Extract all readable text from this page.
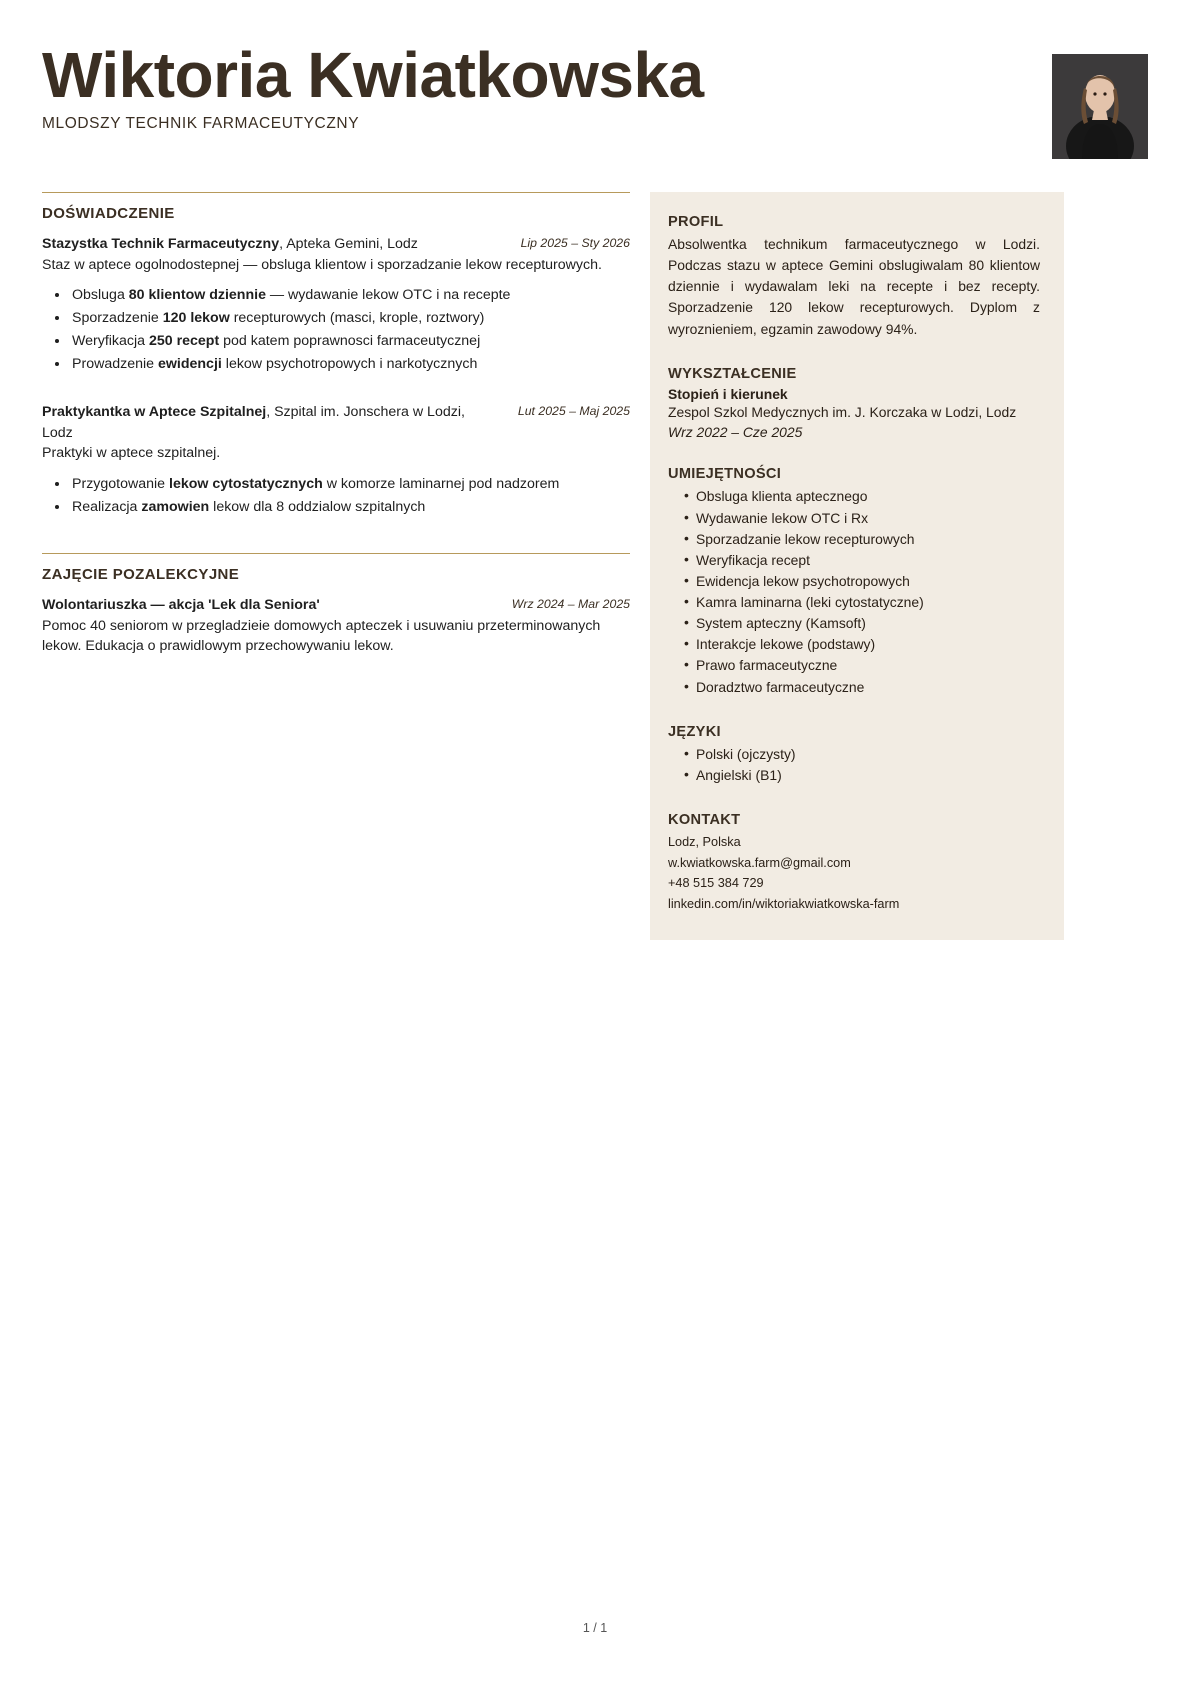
Wiktoria Kwiatkowska
MLODSZY TECHNIK FARMACEUTYCZNY
DOŚWIADCZENIE
Stazystka Technik Farmaceutyczny, Apteka Gemini, Lodz	Lip 2025 – Sty 2026
Staz w aptece ogolnodostepnej — obsluga klientow i sporzadzanie lekow recepturowych.
• Obsluga 80 klientow dziennie — wydawanie lekow OTC i na recepte
• Sporzadzenie 120 lekow recepturowych (masci, krople, roztwory)
• Weryfikacja 250 recept pod katem poprawnosci farmaceutycznej
• Prowadzenie ewidencji lekow psychotropowych i narkotycznych
Praktykantka w Aptece Szpitalnej, Szpital im. Jonschera w Lodzi, Lodz
Lut 2025 – Maj 2025
Praktyki w aptece szpitalnej.
• Przygotowanie lekow cytostatycznych w komorze laminarnej pod nadzorem
• Realizacja zamowien lekow dla 8 oddzialow szpitalnych
ZAJĘCIE POZALEKCYJNE
Wolontariuszka — akcja 'Lek dla Seniora'	Wrz 2024 – Mar 2025
Pomoc 40 seniorom w przegladzieie domowych apteczek i usuwaniu przeterminowanych lekow. Edukacja o prawidlowym przechowywaniu lekow.
PROFIL

Absolwentka technikum farmaceutycznego w Lodzi. Podczas stazu w aptece Gemini obslugiwalam 80 klientow dziennie i wydawalam leki na recepte i bez recepty. Sporzadzenie 120 lekow recepturowych. Dyplom z wyroznieniem, egzamin zawodowy 94%.

WYKSZTAŁCENIE
Stopień i kierunek
Zespol Szkol Medycznych im. J. Korczaka w Lodzi, Lodz
Wrz 2022 – Cze 2025
UMIEJĘTNOŚCI
• Obsluga klienta aptecznego
• Wydawanie lekow OTC i Rx
• Sporzadzanie lekow recepturowych
• Weryfikacja recept
• Ewidencja lekow psychotropowych
• Kamra laminarna (leki cytostatyczne)
• System apteczny (Kamsoft)
• Interakcje lekowe (podstawy)
• Prawo farmaceutyczne
• Doradztwo farmaceutyczne
JĘZYKI
• Polski (ojczysty)
• Angielski (B1)
KONTAKT
Lodz, Polska
w.kwiatkowska.farm@gmail.com
+48 515 384 729
linkedin.com/in/wiktoriakwiatkowska-farm
1 / 1
